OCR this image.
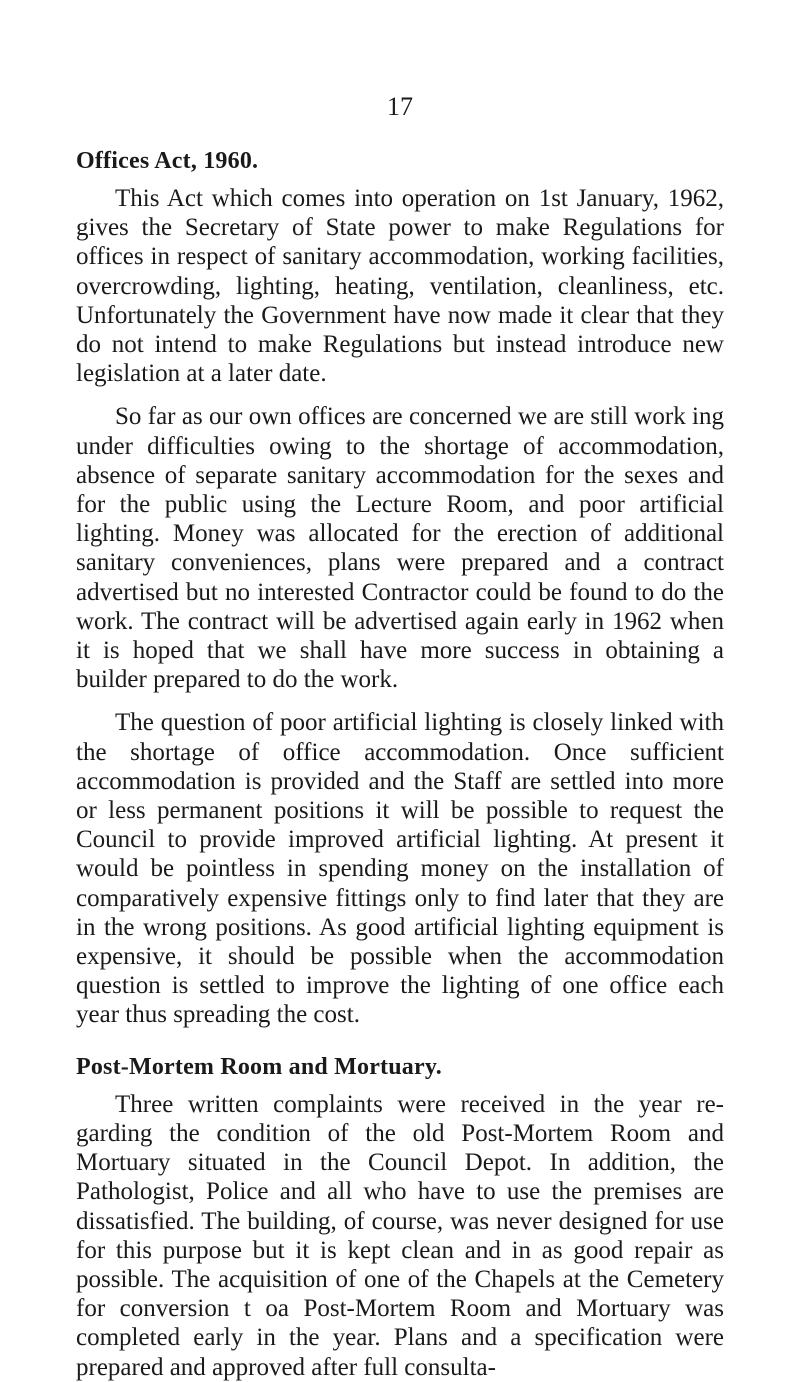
17
Offices Act, 1960.

This Act which comes into operation on 1st January, 1962, gives the Secretary of State power to make Regulations for offices in respect of sanitary accommodation, working facilities, overcrowding, lighting, heating, ventilation, cleanliness, etc. Unfortunately the Government have now made it clear that they do not intend to make Regulations but instead introduce new legislation at a later date.

So far as our own offices are concerned we are still work ing under difficulties owing to the shortage of accommodation, absence of separate sanitary accommodation for the sexes and for the public using the Lecture Room, and poor artificial lighting. Money was allocated for the erection of additional sanitary conveniences, plans were prepared and a contract advertised but no interested Contractor could be found to do the work. The contract will be advertised again early in 1962 when it is hoped that we shall have more success in obtaining a builder prepared to do the work.

The question of poor artificial lighting is closely linked with the shortage of office accommodation. Once sufficient accommodation is provided and the Staff are settled into more or less permanent positions it will be possible to request the Council to provide improved artificial lighting. At present it would be pointless in spending money on the installation of comparatively expensive fittings only to find later that they are in the wrong positions. As good artificial lighting equipment is expensive, it should be possible when the accommodation question is settled to improve the lighting of one office each year thus spreading the cost.

Post-Mortem Room and Mortuary.

Three written complaints were received in the year regarding the condition of the old Post-Mortem Room and Mortuary situated in the Council Depot. In addition, the Pathologist, Police and all who have to use the premises are dissatisfied. The building, of course, was never designed for use for this purpose but it is kept clean and in as good repair as possible. The acquisition of one of the Chapels at the Cemetery for conversion t oa Post-Mortem Room and Mortuary was completed early in the year. Plans and a specification were prepared and approved after full consulta-
